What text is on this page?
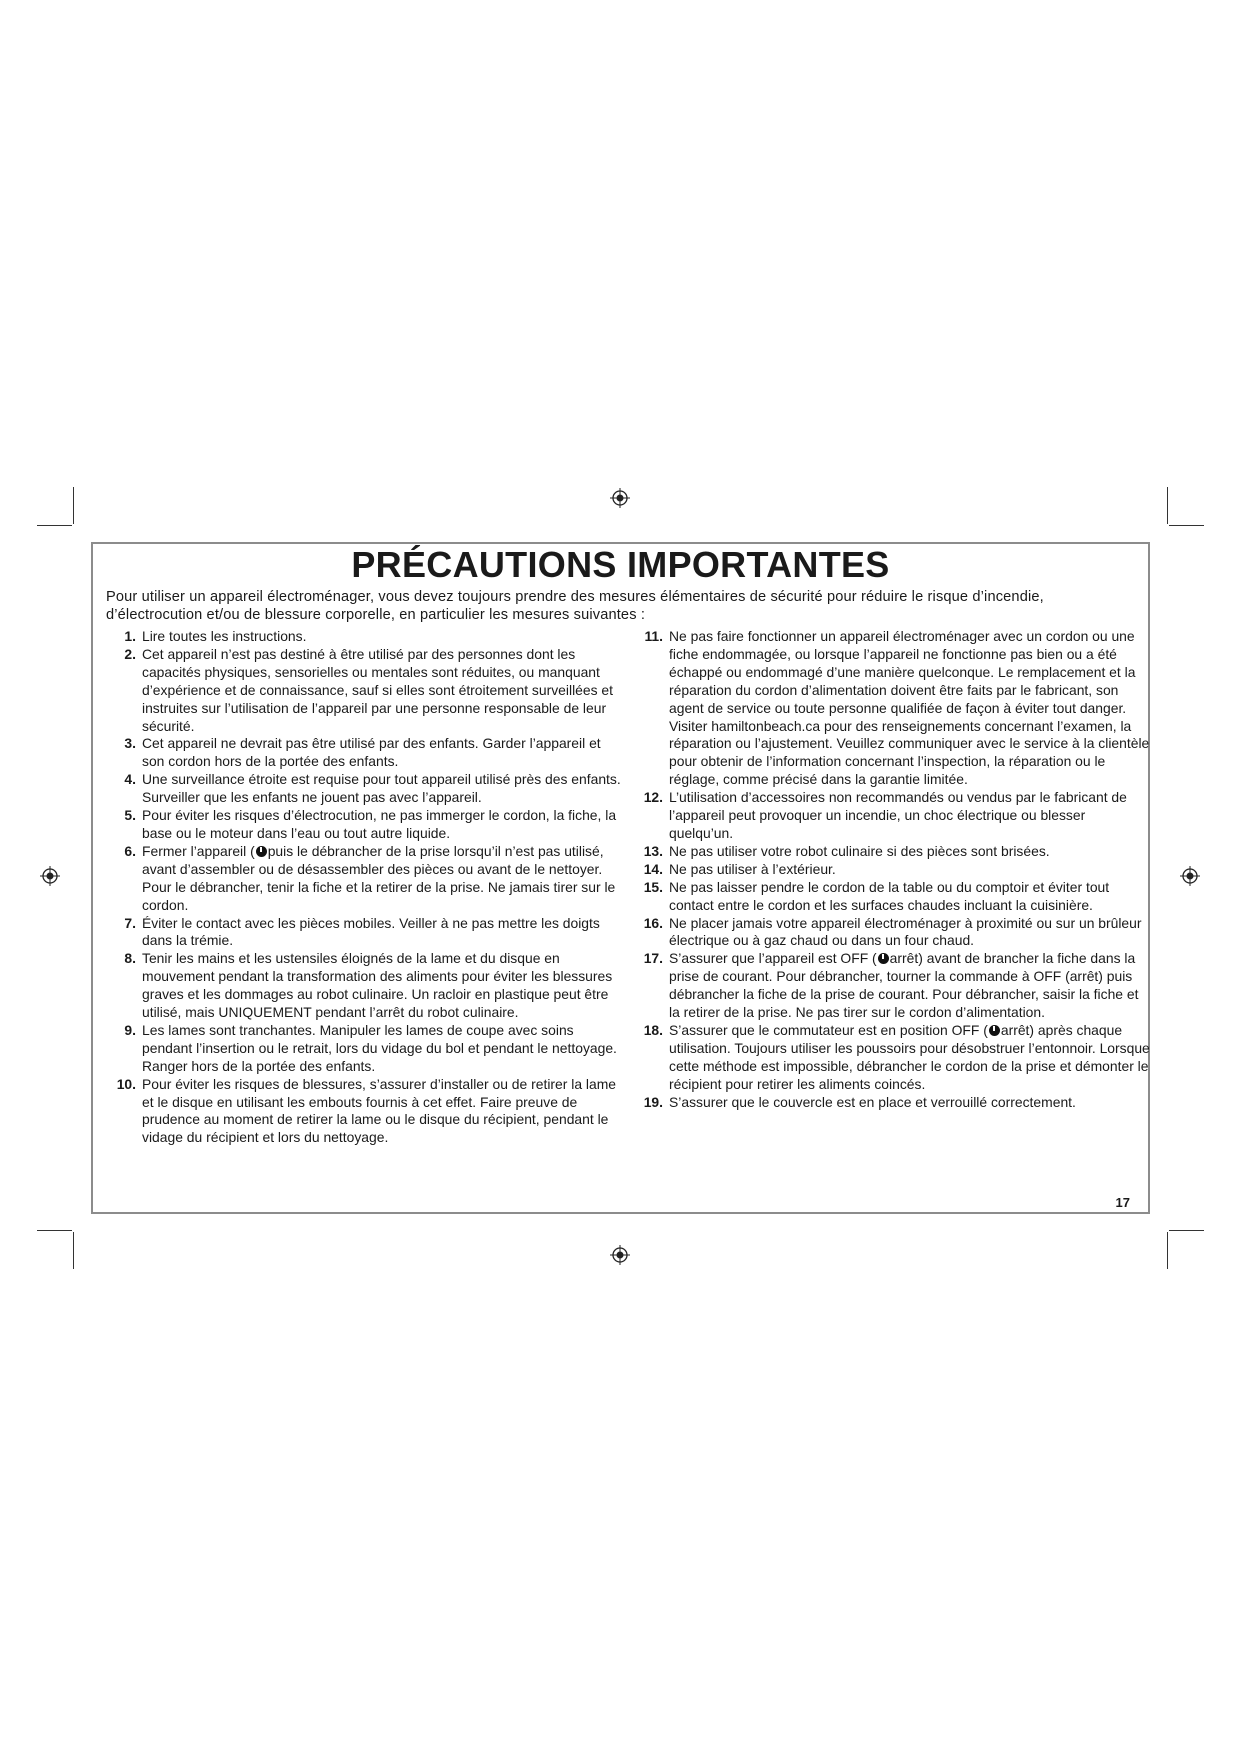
PRÉCAUTIONS IMPORTANTES
Pour utiliser un appareil électroménager, vous devez toujours prendre des mesures élémentaires de sécurité pour réduire le risque d’incendie, d’électrocution et/ou de blessure corporelle, en particulier les mesures suivantes :
1. Lire toutes les instructions.
2. Cet appareil n’est pas destiné à être utilisé par des personnes dont les capacités physiques, sensorielles ou mentales sont réduites, ou manquant d’expérience et de connaissance, sauf si elles sont étroitement surveillées et instruites sur l’utilisation de l’appareil par une personne responsable de leur sécurité.
3. Cet appareil ne devrait pas être utilisé par des enfants. Garder l’appareil et son cordon hors de la portée des enfants.
4. Une surveillance étroite est requise pour tout appareil utilisé près des enfants. Surveiller que les enfants ne jouent pas avec l’appareil.
5. Pour éviter les risques d’électrocution, ne pas immerger le cordon, la fiche, la base ou le moteur dans l’eau ou tout autre liquide.
6. Fermer l’appareil ( puis le débrancher de la prise lorsqu’il n’est pas utilisé, avant d’assembler ou de désassembler des pièces ou avant de le nettoyer. Pour le débrancher, tenir la fiche et la retirer de la prise. Ne jamais tirer sur le cordon.
7. Éviter le contact avec les pièces mobiles. Veiller à ne pas mettre les doigts dans la trémie.
8. Tenir les mains et les ustensiles éloignés de la lame et du disque en mouvement pendant la transformation des aliments pour éviter les blessures graves et les dommages au robot culinaire. Un racloir en plastique peut être utilisé, mais UNIQUEMENT pendant l’arrêt du robot culinaire.
9. Les lames sont tranchantes. Manipuler les lames de coupe avec soins pendant l’insertion ou le retrait, lors du vidage du bol et pendant le nettoyage. Ranger hors de la portée des enfants.
10. Pour éviter les risques de blessures, s’assurer d’installer ou de retirer la lame et le disque en utilisant les embouts fournis à cet effet. Faire preuve de prudence au moment de retirer la lame ou le disque du récipient, pendant le vidage du récipient et lors du nettoyage.
11. Ne pas faire fonctionner un appareil électroménager avec un cordon ou une fiche endommagée, ou lorsque l’appareil ne fonctionne pas bien ou a été échappé ou endommagé d’une manière quelconque. Le remplacement et la réparation du cordon d’alimentation doivent être faits par le fabricant, son agent de service ou toute personne qualifiée de façon à éviter tout danger. Visiter hamiltonbeach.ca pour des renseignements concernant l’examen, la réparation ou l’ajustement. Veuillez communiquer avec le service à la clientèle pour obtenir de l’information concernant l’inspection, la réparation ou le réglage, comme précisé dans la garantie limitée.
12. L’utilisation d’accessoires non recommandés ou vendus par le fabricant de l’appareil peut provoquer un incendie, un choc électrique ou blesser quelqu’un.
13. Ne pas utiliser votre robot culinaire si des pièces sont brisées.
14. Ne pas utiliser à l’extérieur.
15. Ne pas laisser pendre le cordon de la table ou du comptoir et éviter tout contact entre le cordon et les surfaces chaudes incluant la cuisinière.
16. Ne placer jamais votre appareil électroménager à proximité ou sur un brûleur électrique ou à gaz chaud ou dans un four chaud.
17. S’assurer que l’appareil est OFF ( arrêt) avant de brancher la fiche dans la prise de courant. Pour débrancher, tourner la commande à OFF (arrêt) puis débrancher la fiche de la prise de courant. Pour débrancher, saisir la fiche et la retirer de la prise. Ne pas tirer sur le cordon d’alimentation.
18. S’assurer que le commutateur est en position OFF ( arrêt) après chaque utilisation. Toujours utiliser les poussoirs pour désobstruer l’entonnoir. Lorsque cette méthode est impossible, débrancher le cordon de la prise et démonter le récipient pour retirer les aliments coincés.
19. S’assurer que le couvercle est en place et verrouillé correctement.
17
